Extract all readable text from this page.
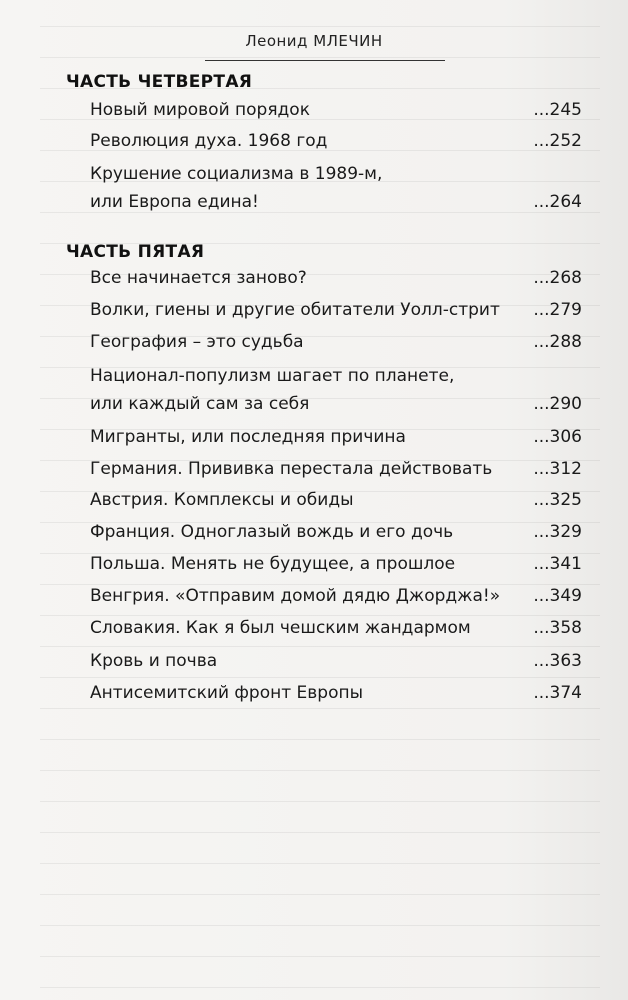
Леонид МЛЕЧИН
ЧАСТЬ ЧЕТВЕРТАЯ
Новый мировой порядок	...245
Революция духа. 1968 год	...252
Крушение социализма в 1989-м,
или Европа едина!	...264
ЧАСТЬ ПЯТАЯ
Все начинается заново?	...268
Волки, гиены и другие обитатели Уолл-стрит	...279
География – это судьба	...288
Национал-популизм шагает по планете,
или каждый сам за себя	...290
Мигранты, или последняя причина	...306
Германия. Прививка перестала действовать	...312
Австрия. Комплексы и обиды	...325
Франция. Одноглазый вождь и его дочь	...329
Польша. Менять не будущее, а прошлое	...341
Венгрия. «Отправим домой дядю Джорджа!»	...349
Словакия. Как я был чешским жандармом	...358
Кровь и почва	...363
Антисемитский фронт Европы	...374
